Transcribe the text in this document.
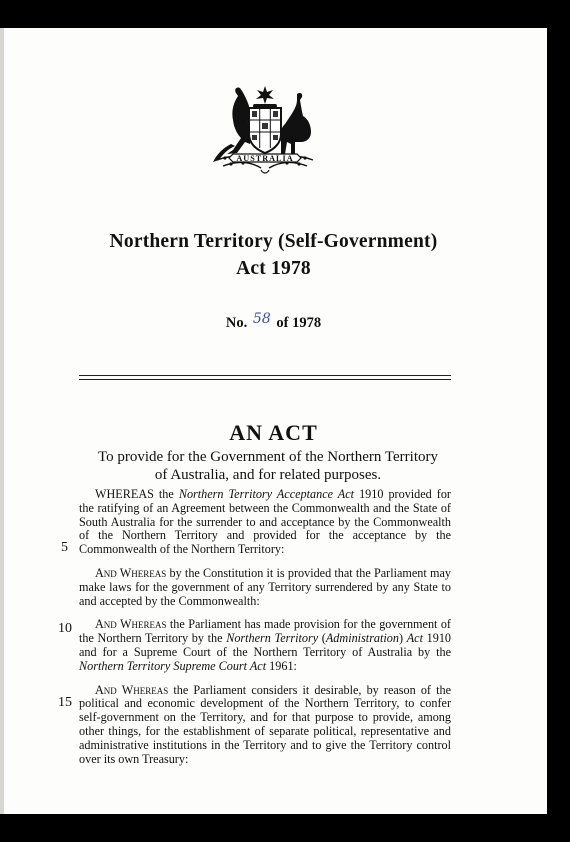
AUSTRALIA
Northern Territory (Self-Government)
Act 1978
No. 58 of 1978
AN ACT
To provide for the Government of the Northern Territory
of Australia, and for related purposes.

WHEREAS the Northern Territory Acceptance Act 1910 provided for the ratifying of an Agreement between the Commonwealth and the State of South Australia for the surrender to and acceptance by the Commonwealth of the Northern Territory and provided for the acceptance by the Commonwealth of the Northern Territory:

And Whereas by the Constitution it is provided that the Parliament may make laws for the government of any Territory surrendered by any State to and accepted by the Commonwealth:

And Whereas the Parliament has made provision for the government of the Northern Territory by the Northern Territory (Administration) Act 1910 and for a Supreme Court of the Northern Territory of Australia by the Northern Territory Supreme Court Act 1961:

And Whereas the Parliament considers it desirable, by reason of the political and economic development of the Northern Territory, to confer self-government on the Territory, and for that purpose to provide, among other things, for the establishment of separate political, representative and administrative institutions in the Territory and to give the Territory control over its own Treasury:

5
10
15
